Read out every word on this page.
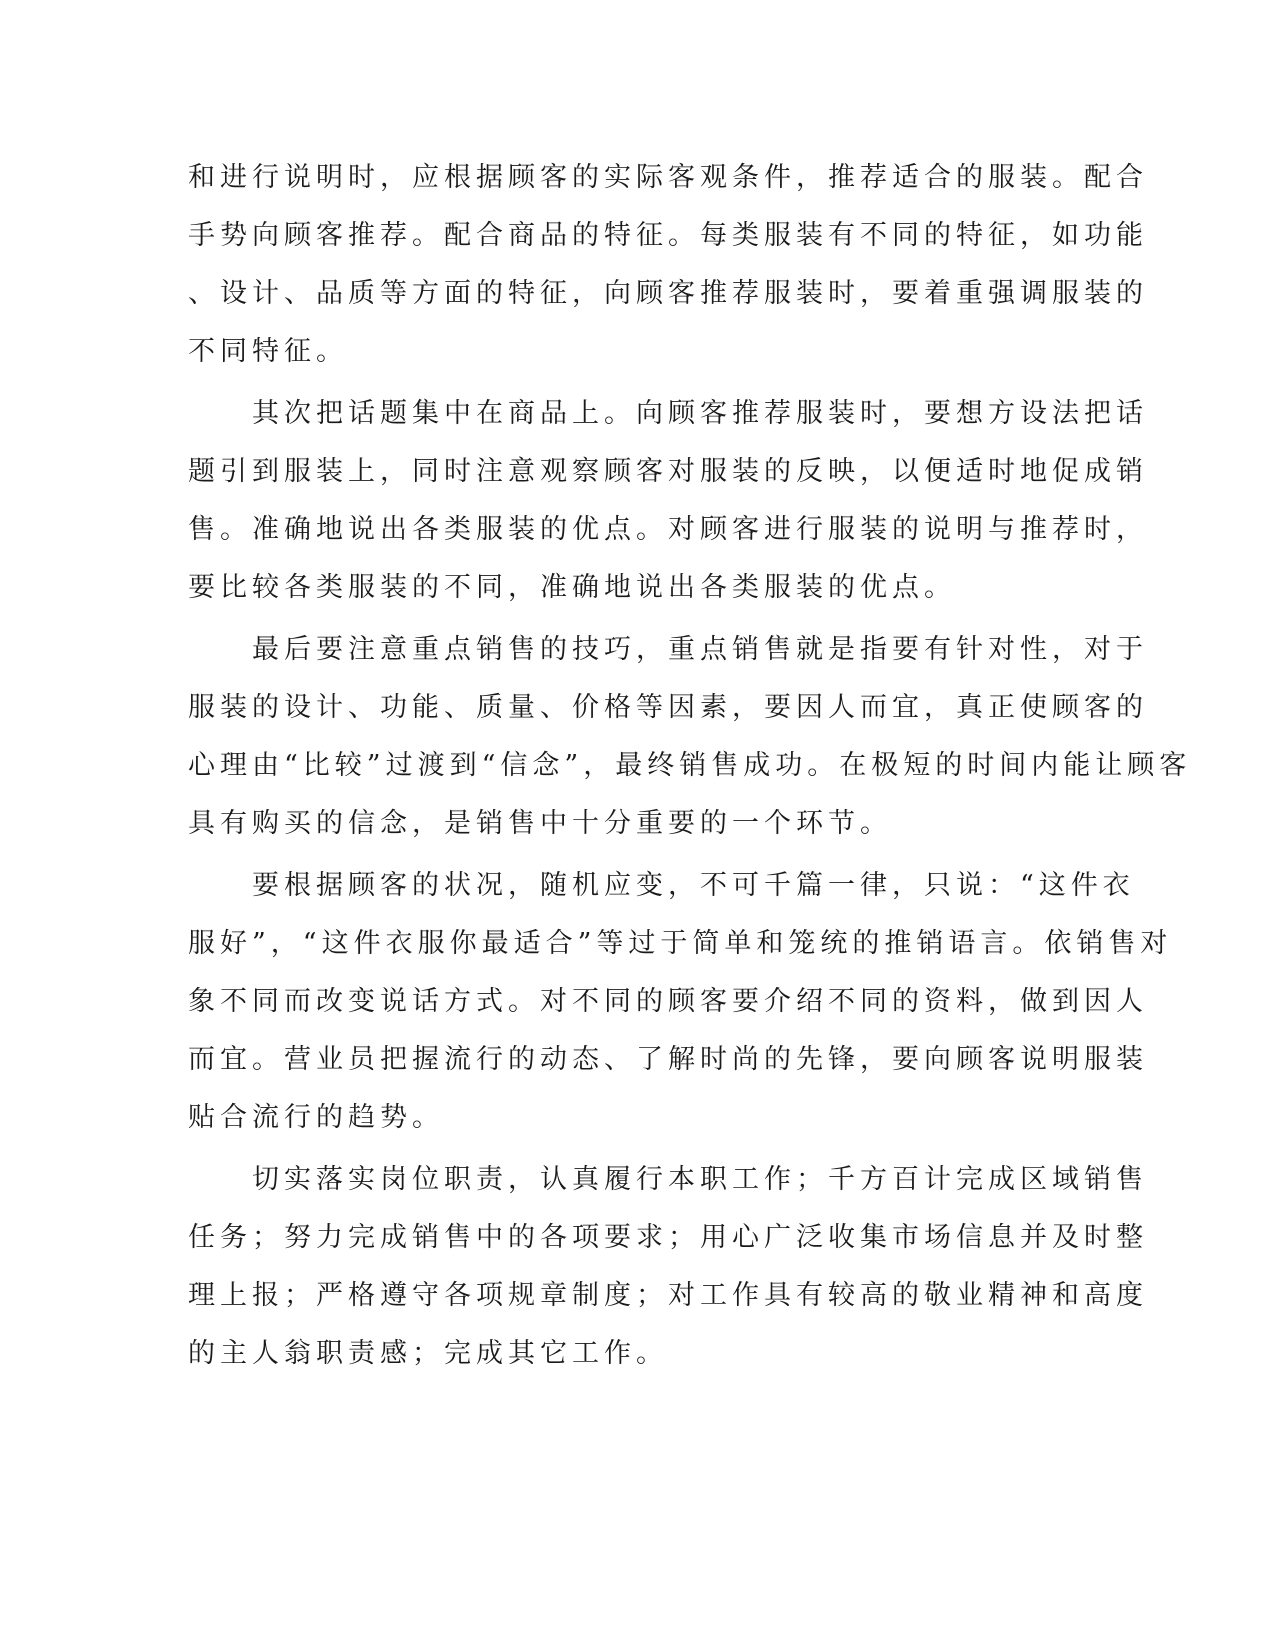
和进行说明时，应根据顾客的实际客观条件，推荐适合的服装。配合
手势向顾客推荐。配合商品的特征。每类服装有不同的特征，如功能
、设计、品质等方面的特征，向顾客推荐服装时，要着重强调服装的
不同特征。
其次把话题集中在商品上。向顾客推荐服装时，要想方设法把话
题引到服装上，同时注意观察顾客对服装的反映，以便适时地促成销
售。准确地说出各类服装的优点。对顾客进行服装的说明与推荐时，
要比较各类服装的不同，准确地说出各类服装的优点。
最后要注意重点销售的技巧，重点销售就是指要有针对性，对于
服装的设计、功能、质量、价格等因素，要因人而宜，真正使顾客的
心理由“比较”过渡到“信念”，最终销售成功。在极短的时间内能让顾客
具有购买的信念，是销售中十分重要的一个环节。
要根据顾客的状况，随机应变，不可千篇一律，只说：“这件衣
服好”，“这件衣服你最适合”等过于简单和笼统的推销语言。依销售对
象不同而改变说话方式。对不同的顾客要介绍不同的资料，做到因人
而宜。营业员把握流行的动态、了解时尚的先锋，要向顾客说明服装
贴合流行的趋势。
切实落实岗位职责，认真履行本职工作；千方百计完成区域销售
任务；努力完成销售中的各项要求；用心广泛收集市场信息并及时整
理上报；严格遵守各项规章制度；对工作具有较高的敬业精神和高度
的主人翁职责感；完成其它工作。
